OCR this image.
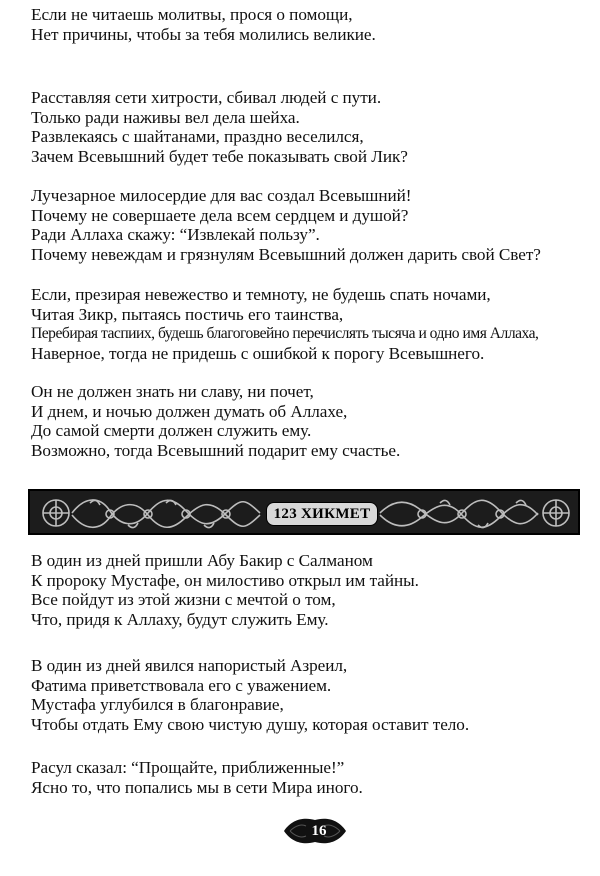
Если не читаешь молитвы, прося о помощи,
Нет причины, чтобы за тебя молились великие.
Расставляя сети хитрости, сбивал людей с пути.
Только ради наживы вел дела шейха.
Развлекаясь с шайтанами, праздно веселился,
Зачем Всевышний будет тебе показывать свой Лик?
Лучезарное милосердие для вас создал Всевышний!
Почему не совершаете дела всем сердцем и душой?
Ради Аллаха скажу: “Извлекай пользу”.
Почему невеждам и грязнулям Всевышний должен дарить свой Свет?
Если, презирая невежество и темноту, не будешь спать ночами,
Читая Зикр, пытаясь постичь его таинства,
Перебирая таспиих, будешь благоговейно перечислять тысяча и одно имя Аллаха,
Наверное, тогда не придешь с ошибкой к порогу Всевышнего.
Он не должен знать ни славу, ни почет,
И днем, и ночью должен думать об Аллахе,
До самой смерти должен служить ему.
Возможно, тогда Всевышний подарит ему счастье.
123 ХИКМЕТ
В один из дней пришли Абу Бакир с Салманом
К пророку Мустафе, он милостиво открыл им тайны.
Все пойдут из этой жизни с мечтой о том,
Что, придя к Аллаху, будут служить Ему.
В один из дней явился напористый Азреил,
Фатима приветствовала его с уважением.
Мустафа углубился в благонравие,
Чтобы отдать Ему свою чистую душу, которая оставит тело.
Расул сказал: “Прощайте, приближенные!”
Ясно то, что попались мы в сети Мира иного.
16
